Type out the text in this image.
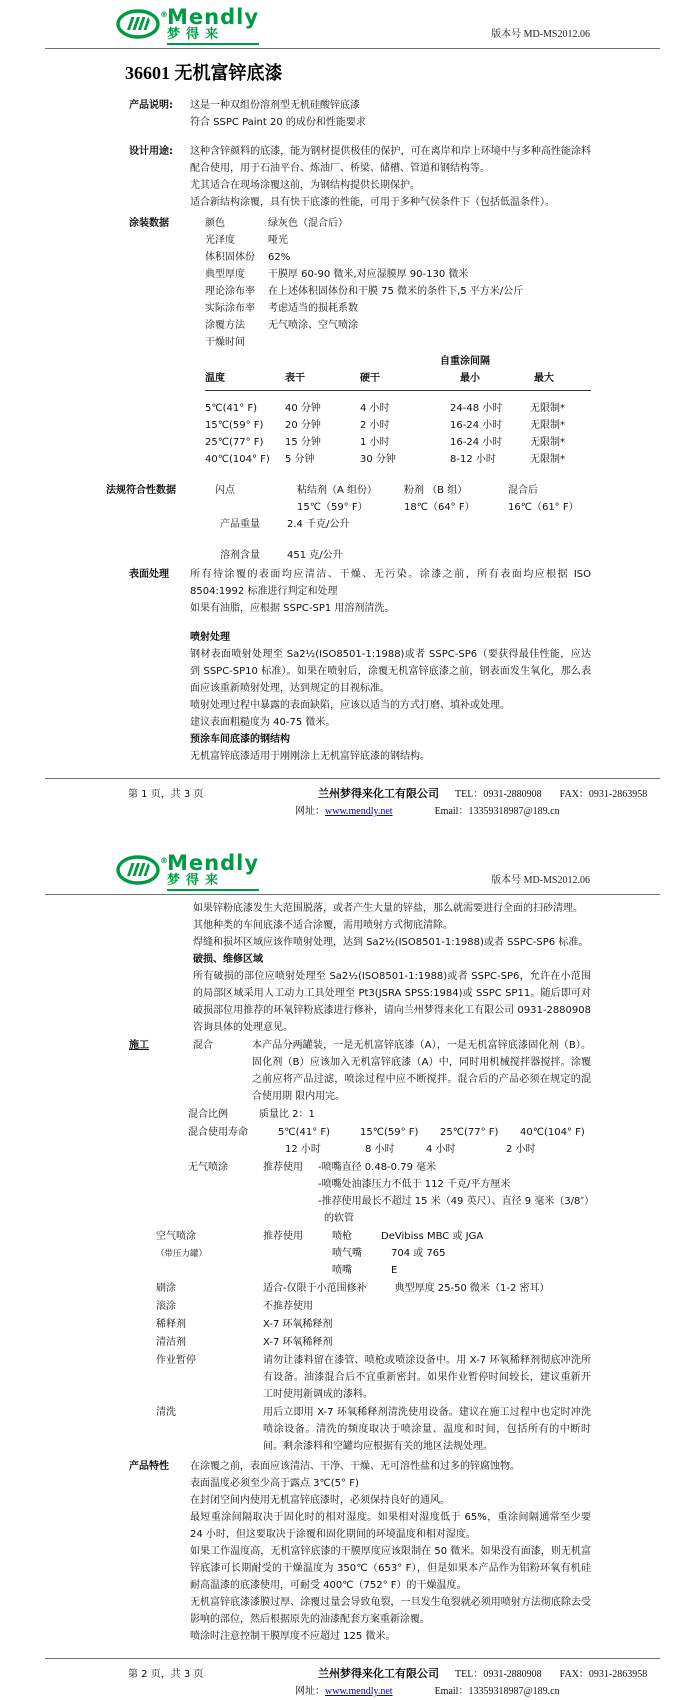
® Mendly
梦得来	版本号 MD-MS2012.06
36601 无机富锌底漆
产品说明:	这是一种双组份溶剂型无机硅酸锌底漆
符合 SSPC Paint 20 的成份和性能要求
设计用途:	这种含锌颜料的底漆，能为钢材提供极佳的保护，可在离岸和岸上环境中与多种高性能涂料配合使用，用于石油平台、炼油厂、桥梁、储槽、管道和钢结构等。
尤其适合在现场涂覆这前，为钢结构提供长期保护。
适合新结构涂覆，具有快干底漆的性能，可用于多种气侯条件下（包括低温条件）。
涂装数据	颜色	绿灰色（混合后）
光泽度	哑光
体积固体份	62%
典型厚度	干膜厚 60-90 微米,对应湿膜厚 90-130 微米
理论涂布率	在上述体积固体份和干膜 75 微米的条件下,5 平方米/公斤
实际涂布率	考虑适当的损耗系数
涂覆方法	无气喷涂、空气喷涂
干燥时间
自重涂间隔
温度	表干	硬干	最小	最大
5℃(41° F)	40 分钟	4 小时	24-48 小时	无限制*
15℃(59° F)	20 分钟	2 小时	16-24 小时	无限制*
25℃(77° F)	15 分钟	1 小时	16-24 小时	无限制*
40℃(104° F)	5 分钟	30 分钟	8-12 小时	无限制*
法规符合性数据	闪点	粘结剂（A 组份）	粉剂 （B 组）	混合后
15℃（59° F）	18℃（64° F）	16℃（61° F）
产品重量	2.4 千克/公升
溶剂含量	451 克/公升
表面处理	所有待涂覆的表面均应清洁、干燥、无污染。涂漆之前，所有表面均应根据 ISO 8504:1992 标准进行判定和处理
如果有油脂，应根据 SSPC-SP1 用溶剂清洗。
喷射处理
钢材表面喷射处理至 Sa2½(ISO8501-1:1988)或者 SSPC-SP6（要获得最佳性能，应达到 SSPC-SP10 标准）。如果在喷射后，涂覆无机富锌底漆之前，钢表面发生氧化，那么表面应该重新喷射处理，达到规定的目视标准。
喷射处理过程中暴露的表面缺陷，应该以适当的方式打磨、填补或处理。
建议表面粗糙度为 40-75 微米。
预涂车间底漆的钢结构
无机富锌底漆适用于刚刚涂上无机富锌底漆的钢结构。
第 1 页，共 3 页	兰州梦得来化工有限公司 TEL：0931-2880908 FAX：0931-2863958
网址：www.mendly.net	Email：13359318987@189.cn
® Mendly
梦得来	版本号 MD-MS2012.06
如果锌粉底漆发生大范围脱落，或者产生大量的锌盐，那么就需要进行全面的扫砂清理。
其他种类的车间底漆不适合涂覆，需用喷射方式彻底清除。
焊缝和损坏区域应该作喷射处理，达到 Sa2½(ISO8501-1:1988)或者 SSPC-SP6 标准。
破损、维修区域
所有破损的部位应喷射处理至 Sa2½(ISO8501-1:1988)或者 SSPC-SP6，允许在小范围的局部区域采用人工动力工具处理至 Pt3(JSRA SPSS:1984)或 SSPC SP11。随后即可对破损部位用推荐的环氧锌粉底漆进行修补，请向兰州梦得来化工有限公司 0931-2880908 咨询具体的处理意见。
施工	混合	本产品分两罐装，一是无机富锌底漆（A），一是无机富锌底漆固化剂（B）。固化剂（B）应该加入无机富锌底漆（A）中，同时用机械搅拌器搅拌。涂覆之前应将产品过滤，喷涂过程中应不断搅拌。混合后的产品必须在规定的混合使用期 限内用完。
混合比例	质量比 2：1
混合使用寿命	5℃(41° F)	15℃(59° F)	25℃(77° F)	40℃(104° F)
12 小时	8 小时	4 小时	2 小时
无气喷涂	推荐使用	-喷嘴直径 0.48-0.79 毫米
-喷嘴处油漆压力不低于 112 千克/平方厘米
-推荐使用最长不超过 15 米（49 英尺）、直径 9 毫米（3/8″）
的软管
空气喷涂
（带压力罐）
推荐使用	喷枪	DeVibiss MBC 或 JGA
喷气嘴	704 或 765
喷嘴	E
刷涂	适合-仅限于小范围修补	典型厚度 25-50 微米（1-2 密耳）
滚涂	不推荐使用
稀释剂	X-7 环氧稀释剂
清洁剂	X-7 环氧稀释剂
作业暂停	请勿让漆料留在漆管、喷枪或喷涂设备中。用 X-7 环氧稀释剂彻底冲洗所有设备。油漆混合后不宜重新密封。如果作业暂停时间较长，建议重新开工时使用新调成的漆料。
清洗	用后立即用 X-7 环氧稀释剂清洗使用设备。建议在施工过程中也定时冲洗喷涂设备。清洗的频度取决于喷涂量、温度和时间，包括所有的中断时间。剩余漆料和空罐均应根据有关的地区法规处理。
产品特性	在涂覆之前，表面应该清洁、干净、干燥、无可溶性盐和过多的锌腐蚀物。
表面温度必须至少高于露点 3℃(5° F)
在封闭空间内使用无机富锌底漆时，必须保持良好的通风。
最短重涂间隔取决于固化时的相对湿度。如果相对湿度低于 65%，重涂间隔通常至少要 24 小时，但这要取决于涂覆和固化期间的环境温度和相对湿度。
如果工作温度高，无机富锌底漆的干膜厚度应该限制在 50 微米。如果没有面漆，则无机富锌底漆可长期耐受的干燥温度为 350℃（653° F），但是如果本产品作为铝粉环氧有机硅耐高温漆的底漆使用，可耐受 400℃（752° F）的干燥温度。
无机富锌底漆漆膜过厚、涂覆过量会导致龟裂，一旦发生龟裂就必须用喷射方法彻底除去受影响的部位，然后根据原先的油漆配套方案重新涂覆。
喷涂时注意控制干膜厚度不应超过 125 微米。
第 2 页，共 3 页	兰州梦得来化工有限公司 TEL：0931-2880908 FAX：0931-2863958
网址：www.mendly.net	Email：13359318987@189.cn
